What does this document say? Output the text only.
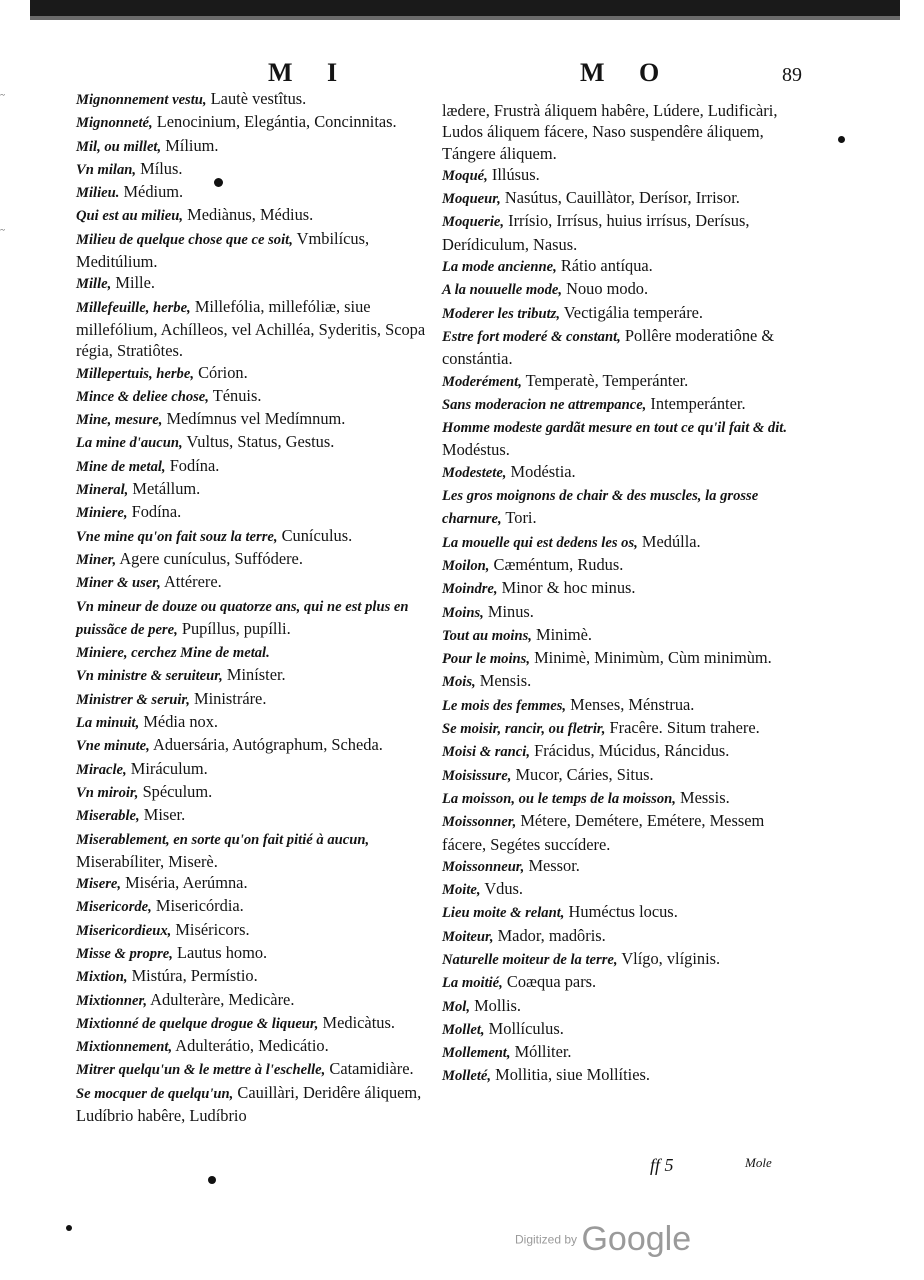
M I	M O	89

Mignonnement vestu, Lautè vestîtus.

Mignonneté, Lenocinium, Elegántia, Concinnitas.

Mil, ou millet, Mílium.

Vn milan, Mílus.

Milieu. Médium.

Qui est au milieu, Mediànus, Médius.

Milieu de quelque chose que ce soit, Vmbilícus, Meditúlium.

Mille, Mille.

Millefeuille, herbe, Millefólia, millefóliæ, siue millefólium, Achílleos, vel Achilléa, Syderitis, Scopa régia, Stratiôtes.

Millepertuis, herbe, Córion.

Mince & deliee chose, Ténuis.

Mine, mesure, Medímnus vel Medímnum.

La mine d'aucun, Vultus, Status, Gestus.

Mine de metal, Fodína.

Mineral, Metállum.

Miniere, Fodína.

Vne mine qu'on fait souz la terre, Cunículus.

Miner, Agere cunículus, Suffódere.

Miner & user, Attérere.

Vn mineur de douze ou quatorze ans, qui ne est plus en puissãce de pere, Pupíllus, pupílli.

Miniere, cerchez Mine de metal.

Vn ministre & seruiteur, Miníster.

Ministrer & seruir, Ministráre.

La minuit, Média nox.

Vne minute, Aduersária, Autógraphum, Scheda.

Miracle, Miráculum.

Vn miroir, Spéculum.

Miserable, Miser.

Miserablement, en sorte qu'on fait pitié à aucun, Miserabíliter, Miserè.

Misere, Miséria, Aerúmna.

Misericorde, Misericórdia.

Misericordieux, Miséricors.

Misse & propre, Lautus homo.

Mixtion, Mistúra, Permístio.

Mixtionner, Adulteràre, Medicàre.

Mixtionné de quelque drogue & liqueur, Medicàtus.

Mixtionnement, Adulterátio, Medicátio.

Mitrer quelqu'un & le mettre à l'eschelle, Catamidiàre.

Se mocquer de quelqu'un, Cauillàri, Deridêre áliquem, Ludíbrio habêre, Ludíbrio

lædere, Frustrà áliquem habêre, Lúdere, Ludificàri, Ludos áliquem fácere, Naso suspendêre áliquem, Tángere áliquem.

Moqué, Illúsus.

Moqueur, Nasútus, Cauillàtor, Derísor, Irrisor.

Moquerie, Irrísio, Irrísus, huius irrísus, Derísus, Derídiculum, Nasus.

La mode ancienne, Rátio antíqua.

A la nouuelle mode, Nouo modo.

Moderer les tributz, Vectigália temperáre.

Estre fort moderé & constant, Pollêre moderatiône & constántia.

Moderément, Temperatè, Temperánter.

Sans moderacion ne attrempance, Intemperánter.

Homme modeste gardãt mesure en tout ce qu'il fait & dit. Modéstus.

Modestete, Modéstia.

Les gros moignons de chair & des muscles, la grosse charnure, Tori.

La mouelle qui est dedens les os, Medúlla.

Moilon, Cæméntum, Rudus.

Moindre, Minor & hoc minus.

Moins, Minus.

Tout au moins, Minimè.

Pour le moins, Minimè, Minimùm, Cùm minimùm.

Mois, Mensis.

Le mois des femmes, Menses, Ménstrua.

Se moisir, rancir, ou fletrir, Fracêre. Situm trahere.

Moisi & ranci, Frácidus, Múcidus, Ráncidus.

Moisissure, Mucor, Cáries, Situs.

La moisson, ou le temps de la moisson, Messis.

Moissonner, Métere, Demétere, Emétere, Messem fácere, Segétes succídere.

Moissonneur, Messor.

Moite, Vdus.

Lieu moite & relant, Huméctus locus.

Moiteur, Mador, madôris.

Naturelle moiteur de la terre, Vlígo, vlíginis.

La moitié, Coæqua pars.

Mol, Mollis.

Mollet, Mollículus.

Mollement, Mólliter.

Molleté, Mollitia, siue Mollíties.

~
~
ff 5	Mole
Digitized by Google
